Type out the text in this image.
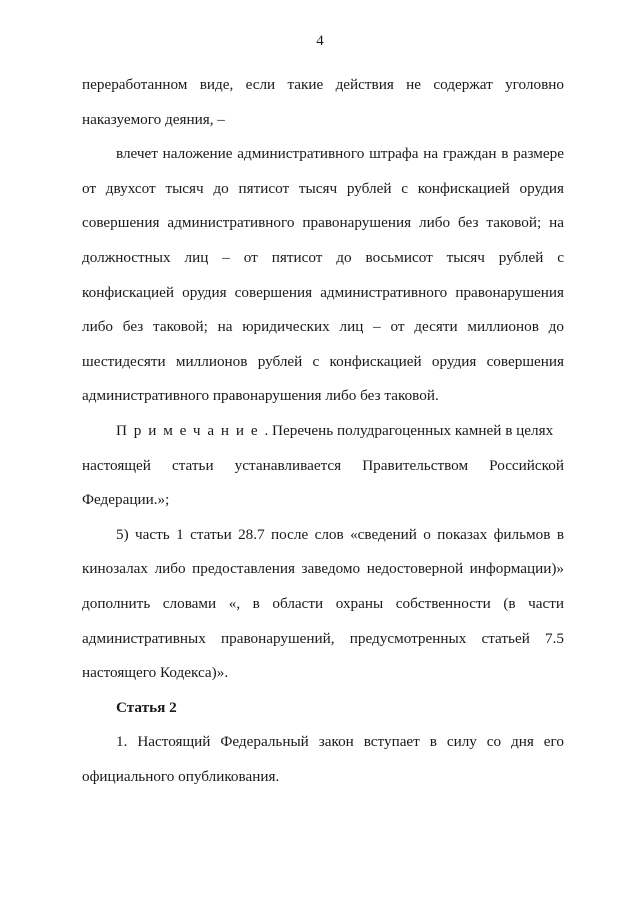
4
переработанном виде, если такие действия не содержат уголовно
наказуемого деяния, –
влечет наложение административного штрафа на граждан в размере
от двухсот тысяч до пятисот тысяч рублей с конфискацией орудия
совершения административного правонарушения либо без таковой; на
должностных лиц – от пятисот до восьмисот тысяч рублей с
конфискацией орудия совершения административного правонарушения
либо без таковой; на юридических лиц – от десяти миллионов до
шестидесяти миллионов рублей с конфискацией орудия совершения
административного правонарушения либо без таковой.
Примечание. Перечень полудрагоценных камней в целях
настоящей статьи устанавливается Правительством Российской
Федерации.»;
5) часть 1 статьи 28.7 после слов «сведений о показах фильмов в
кинозалах либо предоставления заведомо недостоверной информации)»
дополнить словами «, в области охраны собственности (в части
административных правонарушений, предусмотренных статьей 7.5
настоящего Кодекса)».
Статья 2
1. Настоящий Федеральный закон вступает в силу со дня его
официального опубликования.
